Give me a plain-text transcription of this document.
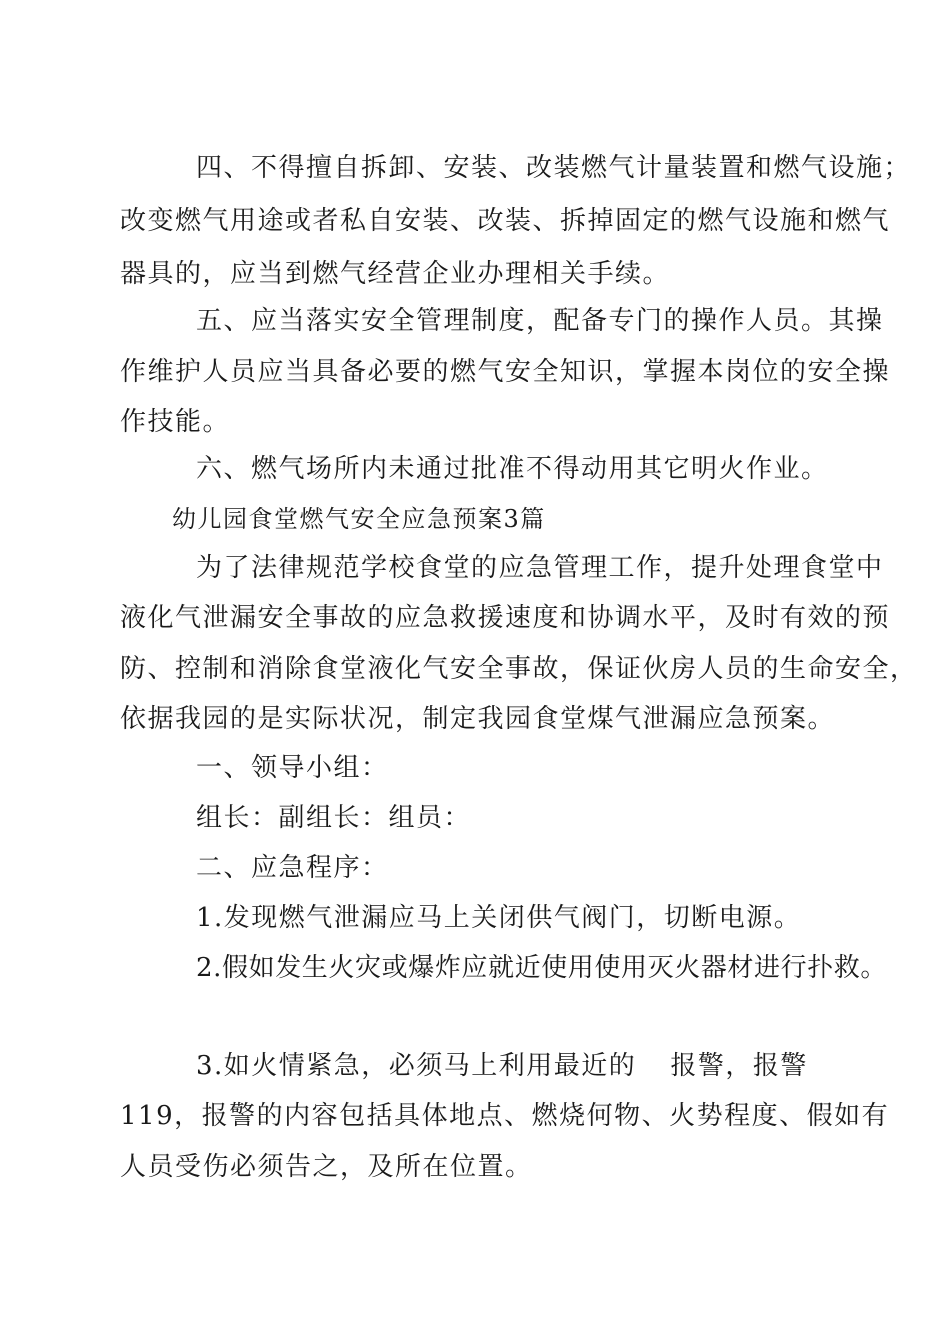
四、不得擅自拆卸、安装、改装燃气计量装置和燃气设施；
改变燃气用途或者私自安装、改装、拆掉固定的燃气设施和燃气
器具的，应当到燃气经营企业办理相关手续。
五、应当落实安全管理制度，配备专门的操作人员。其操
作维护人员应当具备必要的燃气安全知识，掌握本岗位的安全操
作技能。
六、燃气场所内未通过批准不得动用其它明火作业。
幼儿园食堂燃气安全应急预案3篇
为了法律规范学校食堂的应急管理工作，提升处理食堂中
液化气泄漏安全事故的应急救援速度和协调水平，及时有效的预
防、控制和消除食堂液化气安全事故，保证伙房人员的生命安全，
依据我园的是实际状况，制定我园食堂煤气泄漏应急预案。
一、领导小组：
组长：副组长：组员：
二、应急程序：
1.发现燃气泄漏应马上关闭供气阀门，切断电源。
2.假如发生火灾或爆炸应就近使用使用灭火器材进行扑救。
3.如火情紧急，必须马上利用最近的 报警，报警
119，报警的内容包括具体地点、燃烧何物、火势程度、假如有
人员受伤必须告之，及所在位置。
